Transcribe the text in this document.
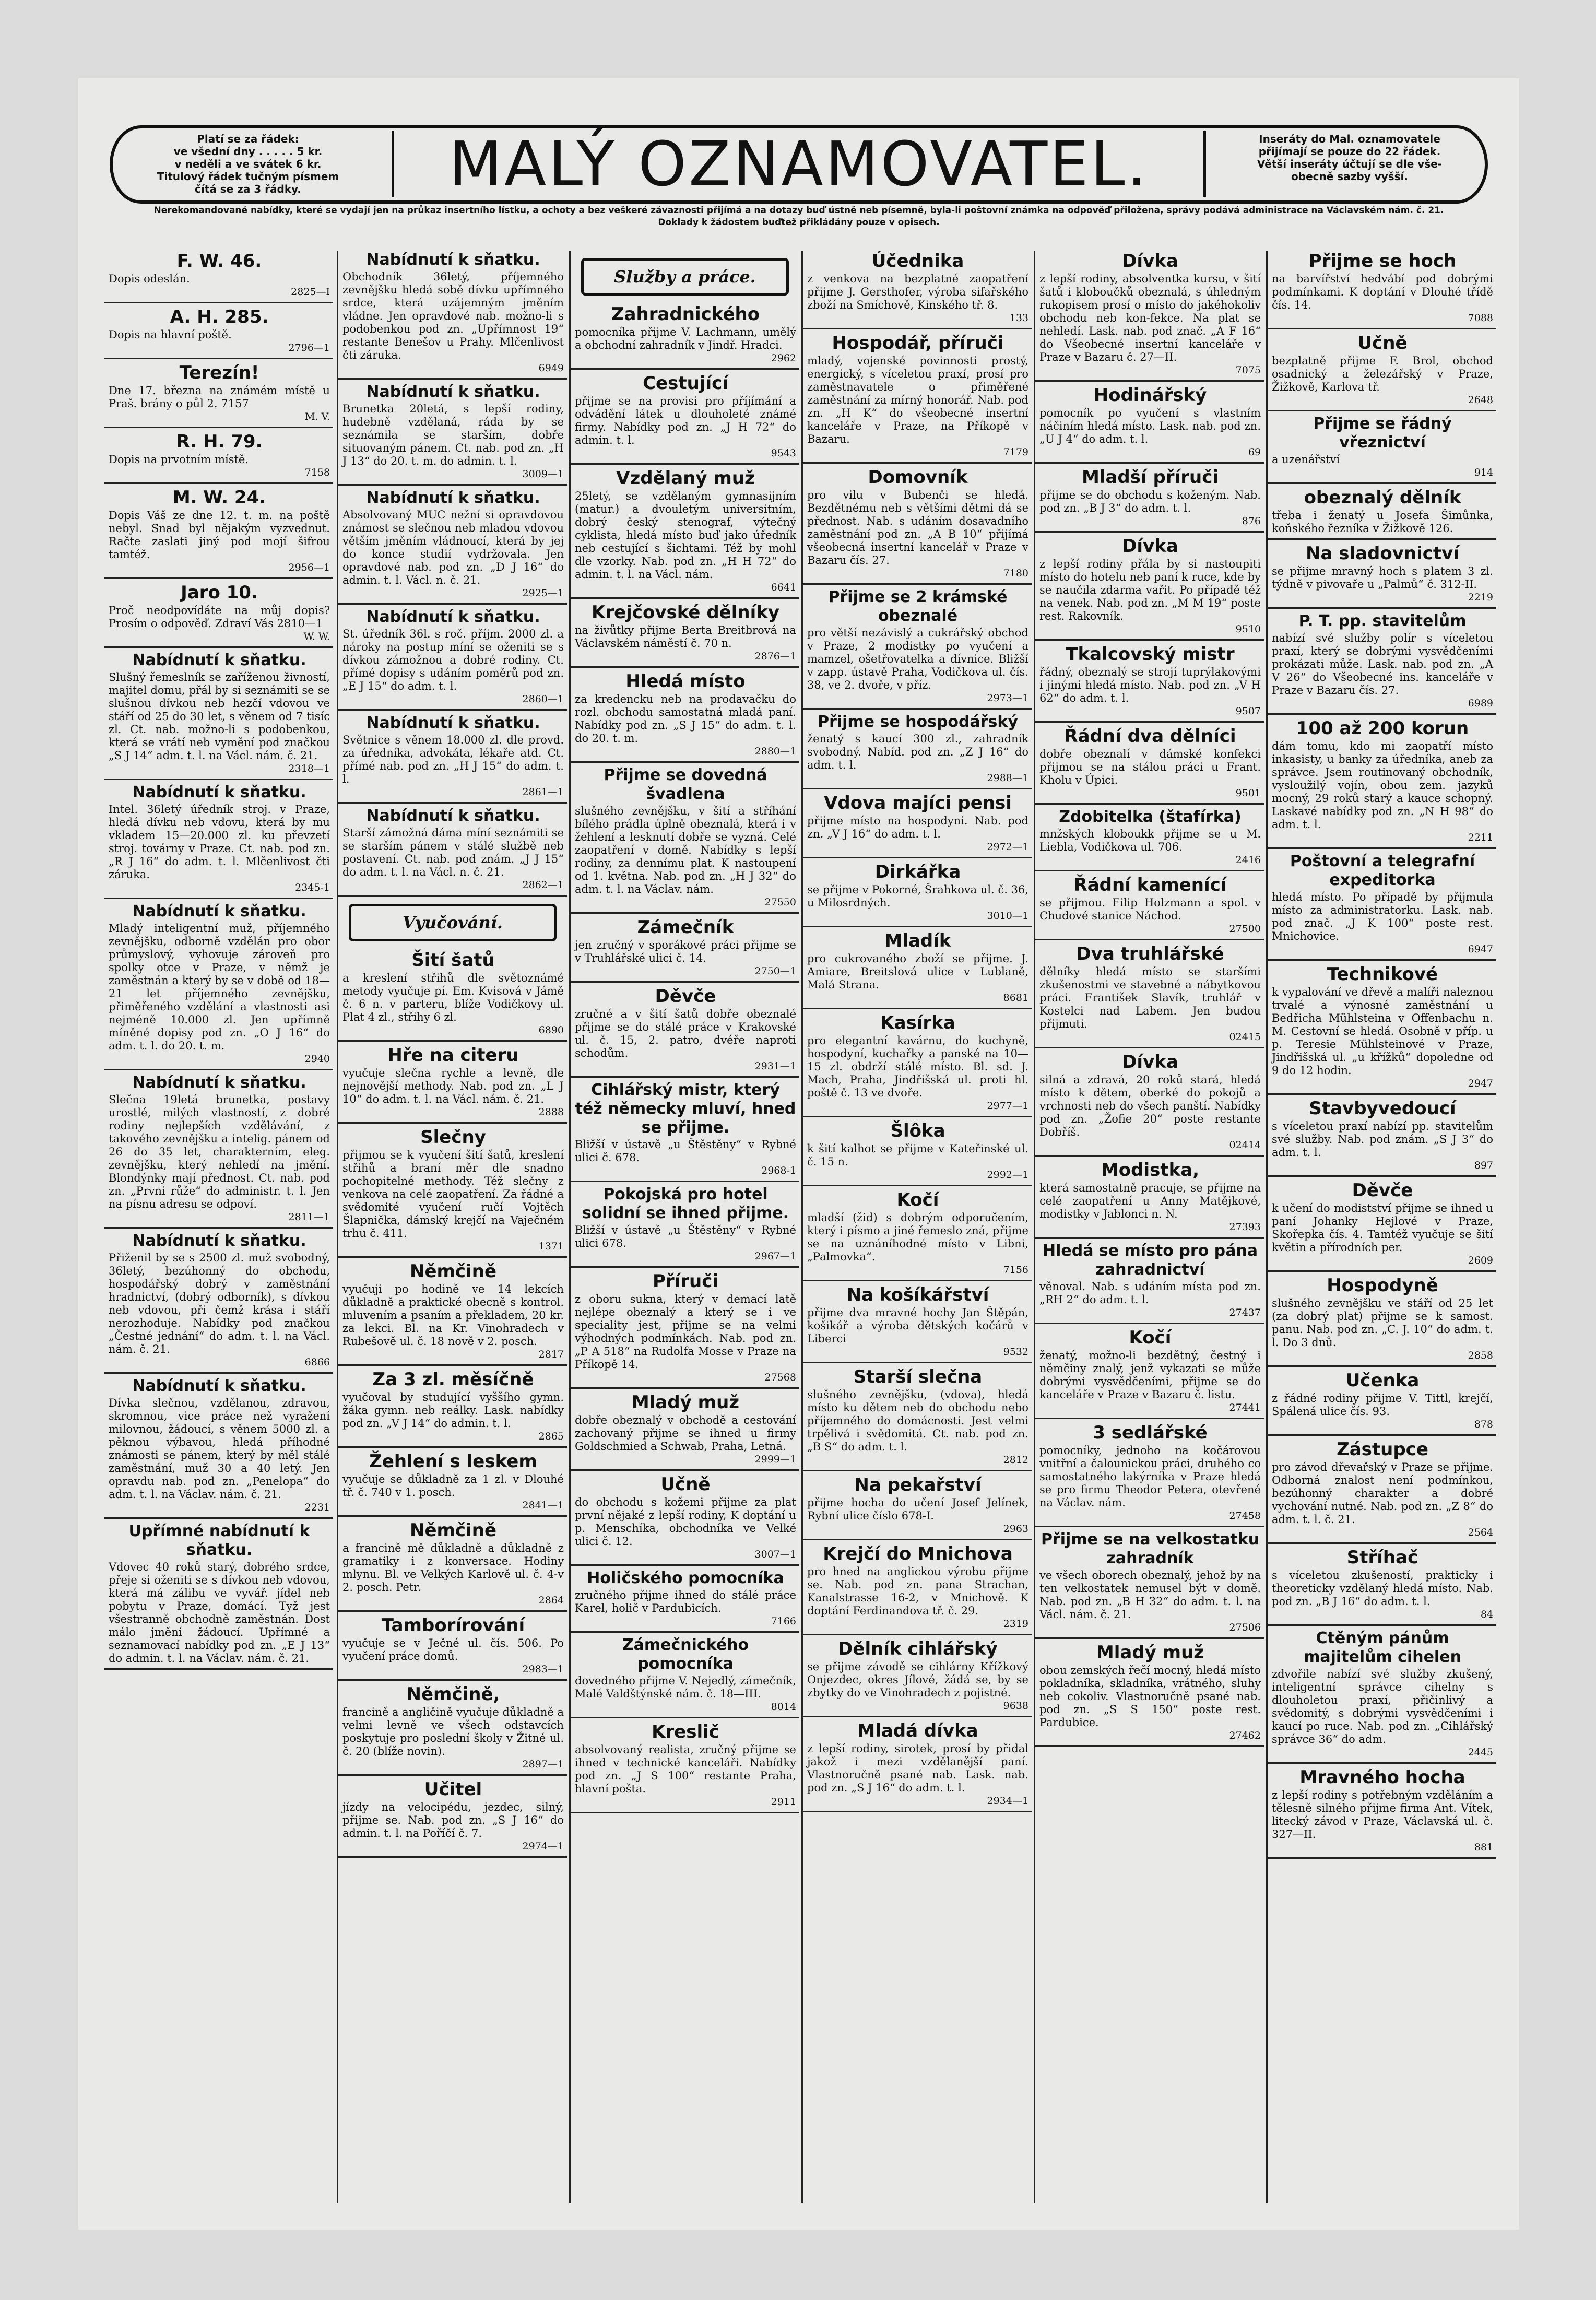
Platí se za řádek:
ve všední dny . . . . . 5 kr.
v neděli a ve svátek 6 kr.
Titulový řádek tučným písmem
čítá se za 3 řádky.	MALÝ OZNAMOVATEL.	Inseráty do Mal. oznamovatele
přijímají se pouze do 22 řádek.
Větší inseráty účtují se dle vše-
obecně sazby vyšší.
Nerekomandované nabídky, které se vydají jen na průkaz insertního lístku, a ochoty a bez veškeré závaznosti přijímá a na dotazy buď ústně neb písemně, byla-li poštovní známka na odpověď přiložena, správy podává administrace na Václavském nám. č. 21. Doklady k žádostem buďtež přikládány pouze v opisech.
F. W. 46.
Dopis odeslán.
2825—I
A. H. 285.
Dopis na hlavní poště.
2796—1
Terezín!
Dne 17. března na známém místě u Praš. brány o půl 2. 7157
M. V.
R. H. 79.
Dopis na prvotním místě.
7158
M. W. 24.
Dopis Váš ze dne 12. t. m. na poště nebyl. Snad byl nějakým vyzvednut. Račte zaslati jiný pod mojí šifrou tamtéž.
2956—1
Jaro 10.
Proč neodpovídáte na můj dopis? Prosím o odpověď. Zdraví Vás 2810—1
W. W.
Nabídnutí k sňatku.
Slušný řemeslník se zaříženou živností, majitel domu, přál by si seznámiti se se slušnou dívkou neb hezčí vdovou ve stáří od 25 do 30 let, s věnem od 7 tisíc zl. Ct. nab. možno-li s podobenkou, která se vrátí neb vymění pod značkou „S J 14“ adm. t. l. na Václ. nám. č. 21.
2318—1
Nabídnutí k sňatku.
Intel. 36letý úředník stroj. v Praze, hledá dívku neb vdovu, která by mu vkladem 15—20.000 zl. ku převzetí stroj. továrny v Praze. Ct. nab. pod zn. „R J 16“ do adm. t. l. Mlčenlivost čti záruka.
2345-1
Nabídnutí k sňatku.
Mladý inteligentní muž, příjemného zevnějšku, odborně vzdělán pro obor průmyslový, vyhovuje zároveň pro spolky otce v Praze, v němž je zaměstnán a který by se v době od 18—21 let příjemného zevnějšku, přiměřeného vzdělání a vlastnosti asi nejméně 10.000 zl. Jen upřímně míněné dopisy pod zn. „O J 16“ do adm. t. l. do 20. t. m.
2940
Nabídnutí k sňatku.
Slečna 19letá brunetka, postavy urostlé, milých vlastností, z dobré rodiny nejlepších vzdělávání, z takového zevnějšku a intelig. pánem od 26 do 35 let, charakterním, eleg. zevnějšku, který nehledí na jmění. Blondýnky mají přednost. Ct. nab. pod zn. „Prvni růže“ do administr. t. l. Jen na písnu adresu se odpoví.
2811—1
Nabídnutí k sňatku.
Přiženil by se s 2500 zl. muž svobodný, 36letý, bezúhonný do obchodu, hospodářský dobrý v zaměstnání hradnictví, (dobrý odborník), s dívkou neb vdovou, při čemž krása i stáří nerozhoduje. Nabídky pod značkou „Čestné jednání“ do adm. t. l. na Václ. nám. č. 21.
6866
Nabídnutí k sňatku.
Dívka slečnou, vzdělanou, zdravou, skromnou, vice práce než vyražení milovnou, žádoucí, s věnem 5000 zl. a pěknou výbavou, hledá příhodné známosti se pánem, který by měl stálé zaměstnání, muž 30 a 40 letý. Jen opravdu nab. pod zn. „Penelopa“ do adm. t. l. na Václav. nám. č. 21.
2231
Upřímné nabídnutí k sňatku.
Vdovec 40 roků starý, dobrého srdce, přeje si oženiti se s dívkou neb vdovou, která má zálibu ve vyvář. jídel neb pobytu v Praze, domácí. Tyž jest všestranně obchodně zaměstnán. Dost málo jmění žádoucí. Upřímné a seznamovací nabídky pod zn. „E J 13“ do admin. t. l. na Václav. nám. č. 21.
Nabídnutí k sňatku.
Obchodník 36letý, příjemného zevnějšku hledá sobě dívku upřímného srdce, která uzájemným jměním vládne. Jen opravdové nab. možno-li s podobenkou pod zn. „Upřímnost 19“ restante Benešov u Prahy. Mlčenlivost čti záruka.
6949
Nabídnutí k sňatku.
Brunetka 20letá, s lepší rodiny, hudebně vzdělaná, ráda by se seznámila se starším, dobře situovaným pánem. Ct. nab. pod zn. „H J 13“ do 20. t. m. do admin. t. l.
3009—1
Nabídnutí k sňatku.
Absolvovaný MUC nežní si opravdovou známost se slečnou neb mladou vdovou větším jměním vládnoucí, která by jej do konce studií vydržovala. Jen opravdové nab. pod zn. „D J 16“ do admin. t. l. Václ. n. č. 21.
2925—1
Nabídnutí k sňatku.
St. úředník 36l. s roč. příjm. 2000 zl. a nároky na postup míní se oženiti se s dívkou zámožnou a dobré rodiny. Ct. přímé dopisy s udáním poměrů pod zn. „E J 15“ do adm. t. l.
2860—1
Nabídnutí k sňatku.
Světnice s věnem 18.000 zl. dle provd. za úředníka, advokáta, lékaře atd. Ct. přímé nab. pod zn. „H J 15“ do adm. t. l.
2861—1
Nabídnutí k sňatku.
Starší zámožná dáma míní seznámiti se se starším pánem v stálé službě neb postavení. Ct. nab. pod znám. „J J 15“ do adm. t. l. na Václ. n. č. 21.
2862—1
Vyučování.
Šití šatů
a kreslení střihů dle světoznámé metody vyučuje pí. Em. Kvisová v Jámě č. 6 n. v parteru, blíže Vodičkovy ul. Plat 4 zl., střihy 6 zl.
6890
Hře na citeru
vyučuje slečna rychle a levně, dle nejnovější methody. Nab. pod zn. „L J 10“ do adm. t. l. na Václ. nám. č. 21.
2888
Slečny
přijmou se k vyučení šití šatů, kreslení střihů a braní měr dle snadno pochopitelné methody. Též slečny z venkova na celé zaopatření. Za řádné a svědomité vyučení ručí Vojtěch Šlapnička, dámský krejčí na Vaječném trhu č. 411.
1371
Němčině
vyučuji po hodině ve 14 lekcích důkladně a praktické obecně s kontrol. mluvením a psaním a překladem, 20 kr. za lekci. Bl. na Kr. Vinohradech v Rubešově ul. č. 18 nově v 2. posch.
2817
Za 3 zl. měsíčně
vyučoval by studující vyššího gymn. žáka gymn. neb reálky. Lask. nabídky pod zn. „V J 14“ do admin. t. l.
2865
Žehlení s leskem
vyučuje se důkladně za 1 zl. v Dlouhé tř. č. 740 v 1. posch.
2841—1
Němčině
a francině mě důkladně a důkladně z gramatiky i z konversace. Hodiny mlynu. Bl. ve Velkých Karlově ul. č. 4-v 2. posch. Petr.
2864
Tamborírování
vyučuje se v Ječné ul. čís. 506. Po vyučení práce domů.
2983—1
Němčině,
francině a angličině vyučuje důkladně a velmi levně ve všech odstavcích poskytuje pro poslední školy v Žitné ul. č. 20 (blíže novin).
2897—1
Učitel
jízdy na velocipédu, jezdec, silný, přijme se. Nab. pod zn. „S J 16“ do admin. t. l. na Poříčí č. 7.
2974—1
Služby a práce.
Zahradnického
pomocníka přijme V. Lachmann, umělý a obchodní zahradník v Jindř. Hradci.
2962
Cestující
přijme se na provisi pro příjímání a odvádění látek u dlouholeté známé firmy. Nabídky pod zn. „J H 72“ do admin. t. l.
9543
Vzdělaný muž
25letý, se vzdělaným gymnasijním (matur.) a dvouletým universitním, dobrý český stenograf, výtečný cyklista, hledá místo buď jako úředník neb cestující s šichtami. Též by mohl dle vzorky. Nab. pod zn. „H H 72“ do admin. t. l. na Václ. nám.
6641
Krejčovské dělníky
na živůtky přijme Berta Breitbrová na Václavském náměstí č. 70 n.
2876—1
Hledá místo
za kredencku neb na prodavačku do rozl. obchodu samostatná mladá paní. Nabídky pod zn. „S J 15“ do adm. t. l. do 20. t. m.
2880—1
Přijme se dovedná švadlena
slušného zevnějšku, v šití a stříhání bílého prádla úplně obeznalá, která i v žehlení a lesknutí dobře se vyzná. Celé zaopatření v domě. Nabídky s lepší rodiny, za dennímu plat. K nastoupení od 1. května. Nab. pod zn. „H J 32“ do adm. t. l. na Václav. nám.
27550
Zámečník
jen zručný v sporákové práci přijme se v Truhlářské ulici č. 14.
2750—1
Děvče
zručné a v šití šatů dobře obeznalé přijme se do stálé práce v Krakovské ul. č. 15, 2. patro, dvéře naproti schodům.
2931—1
Cihlářský mistr, který též německy mluví, hned se přijme.
Bližší v ústavě „u Štěstěny“ v Rybné ulici č. 678.
2968-1
Pokojská pro hotel solidní se ihned přijme.
Bližší v ústavě „u Štěstěny“ v Rybné ulici 678.
2967—1
Příruči
z oboru sukna, který v demací latě nejlépe obeznalý a který se i ve speciality jest, přijme se na velmi výhodných podmínkách. Nab. pod zn. „P A 518“ na Rudolfa Mosse v Praze na Příkopě 14.
27568
Mladý muž
dobře obeznalý v obchodě a cestování zachovaný přijme se ihned u firmy Goldschmied a Schwab, Praha, Letná.
2999—1
Učně
do obchodu s kožemi přijme za plat první nějaké z lepší rodiny, K doptání u p. Menschíka, obchodníka ve Velké ulici č. 12.
3007—1
Holičského pomocníka
zručného přijme ihned do stálé práce Karel, holič v Pardubicích.
7166
Zámečnického pomocníka
dovedného přijme V. Nejedlý, zámečník, Malé Valdštýnské nám. č. 18—III.
8014
Kreslič
absolvovaný realista, zručný přijme se ihned v technické kanceláři. Nabídky pod zn. „J S 100“ restante Praha, hlavní pošta.
2911
Účednika
z venkova na bezplatné zaopatření přijme J. Gersthofer, výroba sifařského zboží na Smíchově, Kinského tř. 8.
133
Hospodář, příruči
mladý, vojenské povinnosti prostý, energický, s víceletou praxí, prosí pro zaměstnavatele o přiměřené zaměstnání za mírný honorář. Nab. pod zn. „H K“ do všeobecné insertní kanceláře v Praze, na Příkopě v Bazaru.
7179
Domovník
pro vilu v Bubenči se hledá. Bezdětnému neb s většími dětmi dá se přednost. Nab. s udáním dosavadního zaměstnání pod zn. „A B 10“ přijímá všeobecná insertní kancelář v Praze v Bazaru čís. 27.
7180
Přijme se 2 krámské obeznalé
pro větší nezávislý a cukrářský obchod v Praze, 2 modistky po vyučení a mamzel, ošetřovatelka a dívnice. Bližší v zapp. ústavě Praha, Vodičkova ul. čís. 38, ve 2. dvoře, v příz.
2973—1
Přijme se hospodářský
ženatý s kaucí 300 zl., zahradník svobodný. Nabíd. pod zn. „Z J 16“ do adm. t. l.
2988—1
Vdova majíci pensi
přijme místo na hospodyni. Nab. pod zn. „V J 16“ do adm. t. l.
2972—1
Dirkářka
se přijme v Pokorné, Šrahkova ul. č. 36, u Milosrdných.
3010—1
Mladík
pro cukrovaného zboží se přijme. J. Amiare, Breitslová ulice v Lublaně, Malá Strana.
8681
Kasírka
pro elegantní kavárnu, do kuchyně, hospodyní, kuchařky a panské na 10—15 zl. obdrží stálé místo. Bl. sd. J. Mach, Praha, Jindřišská ul. proti hl. poště č. 13 ve dvoře.
2977—1
Šlôka
k šití kalhot se přijme v Kateřinské ul. č. 15 n.
2992—1
Kočí
mladší (žid) s dobrým odporučením, který i písmo a jiné řemeslo zná, přijme se na uznáníhodné místo v Libni, „Palmovka“.
7156
Na košíkářství
přijme dva mravné hochy Jan Štěpán, košikář a výroba dětských kočárů v Liberci
9532
Starší slečna
slušného zevnějšku, (vdova), hledá místo ku dětem neb do obchodu nebo příjemného do domácnosti. Jest velmi trpělivá i svědomitá. Ct. nab. pod zn. „B S“ do adm. t. l.
2812
Na pekařství
přijme hocha do učení Josef Jelínek, Rybní ulice číslo 678-I.
2963
Krejčí do Mnichova
pro hned na anglickou výrobu přijme se. Nab. pod zn. pana Strachan, Kanalstrasse 16-2, v Mnichově. K doptání Ferdinandova tř. č. 29.
2319
Dělník cihlářský
se přijme závodě se cihlárny Křížkový Onjezdec, okres Jílové, žádá se, by se zbytky do ve Vinohradech z pojistné.
9638
Mladá dívka
z lepší rodiny, sirotek, prosí by přidal jakož i mezi vzdělanější paní. Vlastnoručně psané nab. Lask. nab. pod zn. „S J 16“ do adm. t. l.
2934—1
Dívka
z lepší rodiny, absolventka kursu, v šití šatů i kloboučků obeznalá, s úhledným rukopisem prosí o místo do jakéhokoliv obchodu neb kon-fekce. Na plat se nehledí. Lask. nab. pod znač. „A F 16“ do Všeobecné insertní kanceláře v Praze v Bazaru č. 27—II.
7075
Hodinářský
pomocník po vyučení s vlastním náčiním hledá místo. Lask. nab. pod zn. „U J 4“ do adm. t. l.
69
Mladší příruči
přijme se do obchodu s koženým. Nab. pod zn. „B J 3“ do adm. t. l.
876
Dívka
z lepší rodiny přála by si nastoupiti místo do hotelu neb paní k ruce, kde by se naučila zdarma vařit. Po případě též na venek. Nab. pod zn. „M M 19“ poste rest. Rakovník.
9510
Tkalcovský mistr
řádný, obeznalý se strojí tuprýlakovými i jinými hledá místo. Nab. pod zn. „V H 62“ do adm. t. l.
9507
Řádní dva dělníci
dobře obeznalí v dámské konfekci přijmou se na stálou práci u Frant. Kholu v Úpici.
9501
Zdobitelka (štafírka)
mnžských kloboukk přijme se u M. Liebla, Vodičkova ul. 706.
2416
Řádní kamenící
se přijmou. Filip Holzmann a spol. v Chudové stanice Náchod.
27500
Dva truhlářské
dělníky hledá místo se staršími zkušenostmi ve stavebné a nábytkovou práci. František Slavík, truhlář v Kostelci nad Labem. Jen budou přijmuti.
02415
Dívka
silná a zdravá, 20 roků stará, hledá místo k dětem, oberké do pokojů a vrchnosti neb do všech panští. Nabídky pod zn. „Žofie 20“ poste restante Dobříš.
02414
Modistka,
která samostatně pracuje, se přijme na celé zaopatření u Anny Matějkové, modistky v Jablonci n. N.
27393
Hledá se místo pro pána zahradnictví
věnoval. Nab. s udáním místa pod zn. „RH 2“ do adm. t. l.
27437
Kočí
ženatý, možno-li bezdětný, čestný i němčiny znalý, jenž vykazati se může dobrými vysvědčeními, přijme se do kanceláře v Praze v Bazaru č. listu.
27441
3 sedlářské
pomocníky, jednoho na kočárovou vnitřní a čalounickou práci, druhého co samostatného lakýrníka v Praze hledá se pro firmu Theodor Petera, otevřené na Václav. nám.
27458
Přijme se na velkostatku zahradník
ve všech oborech obeznalý, jehož by na ten velkostatek nemusel být v domě. Nab. pod zn. „B H 32“ do adm. t. l. na Václ. nám. č. 21.
27506
Mladý muž
obou zemských řečí mocný, hledá místo pokladníka, skladníka, vrátného, sluhy neb cokoliv. Vlastnoručně psané nab. pod zn. „S S 150“ poste rest. Pardubice.
27462
Přijme se hoch
na barvířství hedvábí pod dobrými podmínkami. K doptání v Dlouhé třídě čís. 14.
7088
Učně
bezplatně přijme F. Brol, obchod osadnický a železářský v Praze, Žižkově, Karlova tř.
2648
Přijme se řádný vřeznictví
a uzenářství
914
obeznalý dělník
třeba i ženatý u Josefa Šimůnka, koňského řezníka v Žižkově 126.
Na sladovnictví
se přijme mravný hoch s platem 3 zl. týdně v pivovaře u „Palmů“ č. 312-II.
2219
P. T. pp. stavitelům
nabízí své služby polír s víceletou praxí, který se dobrými vysvědčeními prokázati může. Lask. nab. pod zn. „A V 26“ do Všeobecné ins. kanceláře v Praze v Bazaru čís. 27.
6989
100 až 200 korun
dám tomu, kdo mi zaopatří místo inkasisty, u banky za úředníka, aneb za správce. Jsem routinovaný obchodník, vysloužilý vojín, obou zem. jazyků mocný, 29 roků starý a kauce schopný. Laskavé nabídky pod zn. „N H 98“ do adm. t. l.
2211
Poštovní a telegrafní expeditorka
hledá místo. Po případě by přijmula místo za administratorku. Lask. nab. pod znač. „J K 100“ poste rest. Mnichovice.
6947
Technikové
k vypalování ve dřevě a malíři naleznou trvalé a výnosné zaměstnání u Bedřicha Mühlsteina v Offenbachu n. M. Cestovní se hledá. Osobně v příp. u p. Teresie Mühlsteinové v Praze, Jindřišská ul. „u křížků“ dopoledne od 9 do 12 hodin.
2947
Stavbyvedoucí
s víceletou praxí nabízí pp. stavitelům své služby. Nab. pod znám. „S J 3“ do adm. t. l.
897
Děvče
k učení do modistství přijme se ihned u paní Johanky Hejlové v Praze, Skořepka čís. 4. Tamtéž vyučuje se šití květin a přírodních per.
2609
Hospodyně
slušného zevnějšku ve stáří od 25 let (za dobrý plat) přijme se k samost. panu. Nab. pod zn. „C. J. 10“ do adm. t. l. Do 3 dnů.
2858
Učenka
z řádné rodiny přijme V. Tittl, krejčí, Spálená ulice čís. 93.
878
Zástupce
pro závod dřevařský v Praze se přijme. Odborná znalost není podmínkou, bezúhonný charakter a dobré vychování nutné. Nab. pod zn. „Z 8“ do adm. t. l. č. 21.
2564
Stříhač
s víceletou zkušeností, prakticky i theoreticky vzdělaný hledá místo. Nab. pod zn. „B J 16“ do adm. t. l.
84
Ctěným pánům majitelům cihelen
zdvořile nabízí své služby zkušený, inteligentní správce cihelny s dlouholetou praxí, přičinlivý a svědomitý, s dobrými vysvědčeními i kaucí po ruce. Nab. pod zn. „Cihlářský správce 36“ do adm.
2445
Mravného hocha
z lepší rodiny s potřebným vzděláním a tělesně silného přijme firma Ant. Vítek, litecký závod v Praze, Václavská ul. č. 327—II.
881
